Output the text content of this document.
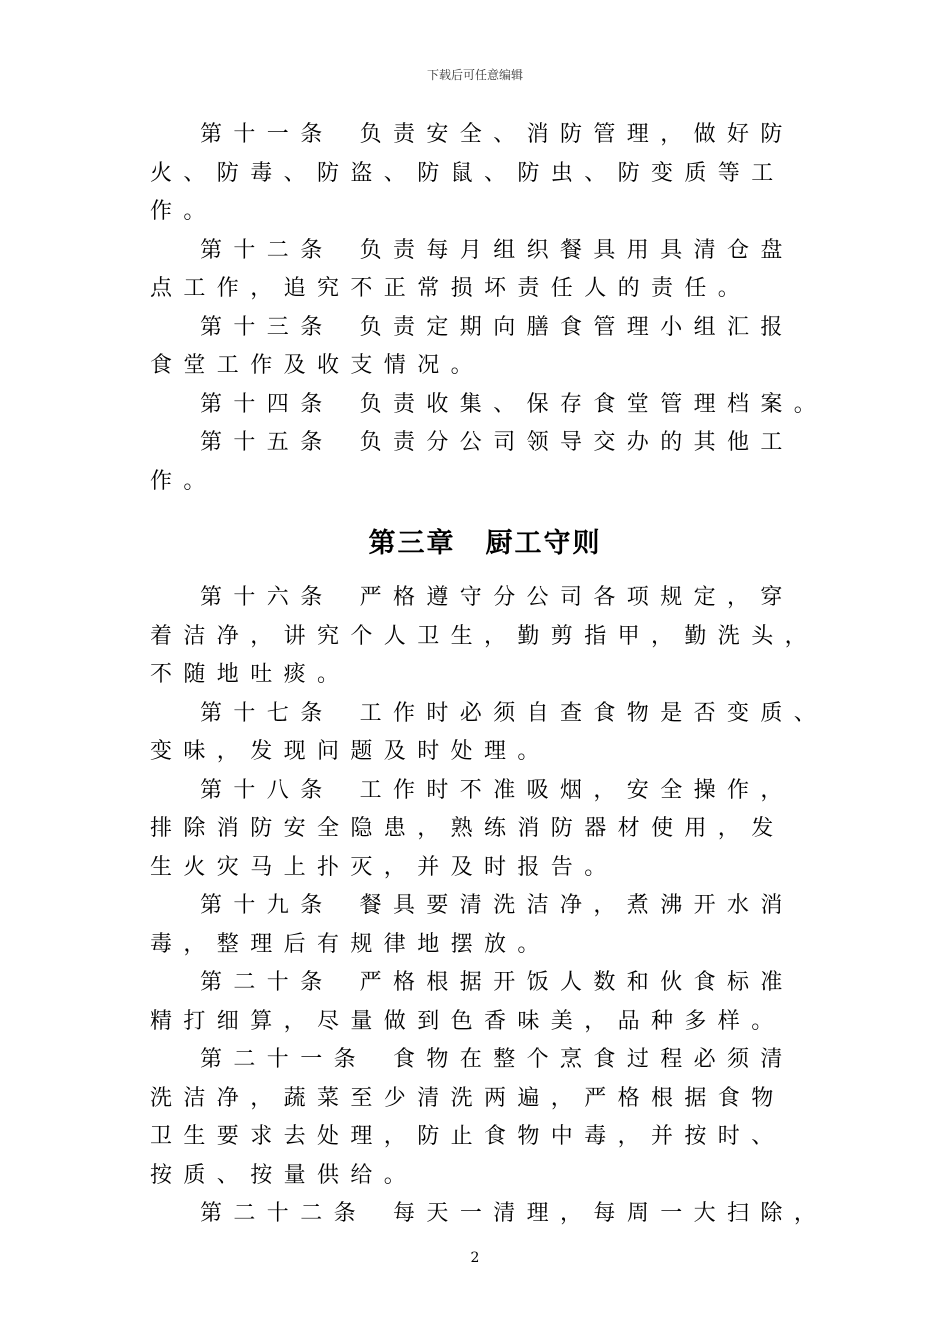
下载后可任意编辑
第十一条 负责安全、消防管理，做好防
火、防毒、防盗、防鼠、防虫、防变质等工
作。
第十二条 负责每月组织餐具用具清仓盘
点工作，追究不正常损坏责任人的责任。
第十三条 负责定期向膳食管理小组汇报
食堂工作及收支情况。
第十四条 负责收集、保存食堂管理档案。
第十五条 负责分公司领导交办的其他工
作。
第三章 厨工守则
第十六条 严格遵守分公司各项规定，穿
着洁净，讲究个人卫生，勤剪指甲，勤洗头，
不随地吐痰。
第十七条 工作时必须自查食物是否变质、
变味，发现问题及时处理。
第十八条 工作时不准吸烟，安全操作，
排除消防安全隐患，熟练消防器材使用，发
生火灾马上扑灭，并及时报告。
第十九条 餐具要清洗洁净，煮沸开水消
毒，整理后有规律地摆放。
第二十条 严格根据开饭人数和伙食标准
精打细算，尽量做到色香味美，品种多样。
第二十一条 食物在整个烹食过程必须清
洗洁净，蔬菜至少清洗两遍，严格根据食物
卫生要求去处理，防止食物中毒，并按时、
按质、按量供给。
第二十二条 每天一清理，每周一大扫除，
2
